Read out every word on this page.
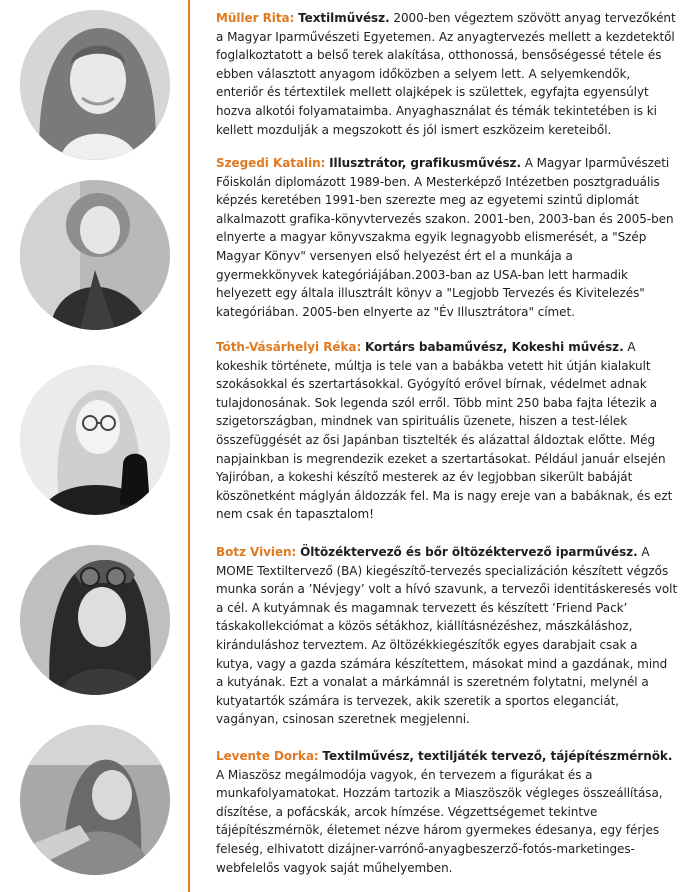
Müller Rita: Textilművész. 2000-ben végeztem szövött anyag tervezőként a Magyar Iparművészeti Egyetemen. Az anyagtervezés mellett a kezdetektől foglalkoztatott a belső terek alakítása, otthonossá, bensőségessé tétele és ebben választott anyagom időközben a selyem lett. A selyemkendők, enteriőr és tértextilek mellett olajképek is születtek, egyfajta egyensúlyt hozva alkotói folyamataimba. Anyaghasználat és témák tekintetében is ki kellett mozdulják a megszokott és jól ismert eszközeim kereteiből.

Szegedi Katalin: Illusztrátor, grafikusművész. A Magyar Iparművészeti Főiskolán diplomázott 1989-ben. A Mesterképző Intézetben posztgraduális képzés keretében 1991-ben szerezte meg az egyetemi szintű diplomát alkalmazott grafika-könyvtervezés szakon. 2001-ben, 2003-ban és 2005-ben elnyerte a magyar könyvszakma egyik legnagyobb elismerését, a "Szép Magyar Könyv" versenyen első helyezést ért el a munkája a gyermekkönyvek kategóriájában.2003-ban az USA-ban lett harmadik helyezett egy általa illusztrált könyv a "Legjobb Tervezés és Kivitelezés" kategóriában. 2005-ben elnyerte az "Év Illusztrátora" címet.

Tóth-Vásárhelyi Réka: Kortárs babaművész, Kokeshi művész. A kokeshik története, múltja is tele van a babákba vetett hit útján kialakult szokásokkal és szertartásokkal. Gyógyító erővel bírnak, védelmet adnak tulajdonosának. Sok legenda szól erről. Több mint 250 baba fajta létezik a szigetországban, mindnek van spirituális üzenete, hiszen a test-lélek összefüggését az ősi Japánban tisztelték és alázattal áldoztak előtte. Még napjainkban is megrendezik ezeket a szertartásokat. Például január elsején Yajiróban, a kokeshi készítő mesterek az év legjobban sikerült babáját köszönetként máglyán áldozzák fel. Ma is nagy ereje van a babáknak, és ezt nem csak én tapasztalom!

Botz Vivien: Öltözéktervező és bőr öltözéktervező iparművész. A MOME Textiltervező (BA) kiegészítő-tervezés specializáción készített végzős munka során a ’Névjegy’ volt a hívó szavunk, a tervezői identitáskeresés volt a cél. A kutyámnak és magamnak tervezett és készített ’Friend Pack’ táskakollekciómat a közös sétákhoz, kiállításnézéshez, mászkáláshoz, kiránduláshoz terveztem. Az öltözékkiegészítők egyes darabjait csak a kutya, vagy a gazda számára készítettem, másokat mind a gazdának, mind a kutyának. Ezt a vonalat a márkámnál is szeretném folytatni, melynél a kutyatartók számára is tervezek, akik szeretik a sportos eleganciát, vagányan, csinosan szeretnek megjelenni.

Levente Dorka: Textilművész, textiljáték tervező, tájépítészmérnök. A Miaszösz megálmodója vagyok, én tervezem a figurákat és a munkafolyamatokat. Hozzám tartozik a Miaszöszök végleges összeállítása, díszítése, a pofácskák, arcok hímzése. Végzettségemet tekintve tájépítészmérnök, életemet nézve három gyermekes édesanya, egy férjes feleség, elhivatott dizájner-varrónő-anyagbeszerző-fotós-marketinges-webfelelős vagyok saját műhelyemben.
